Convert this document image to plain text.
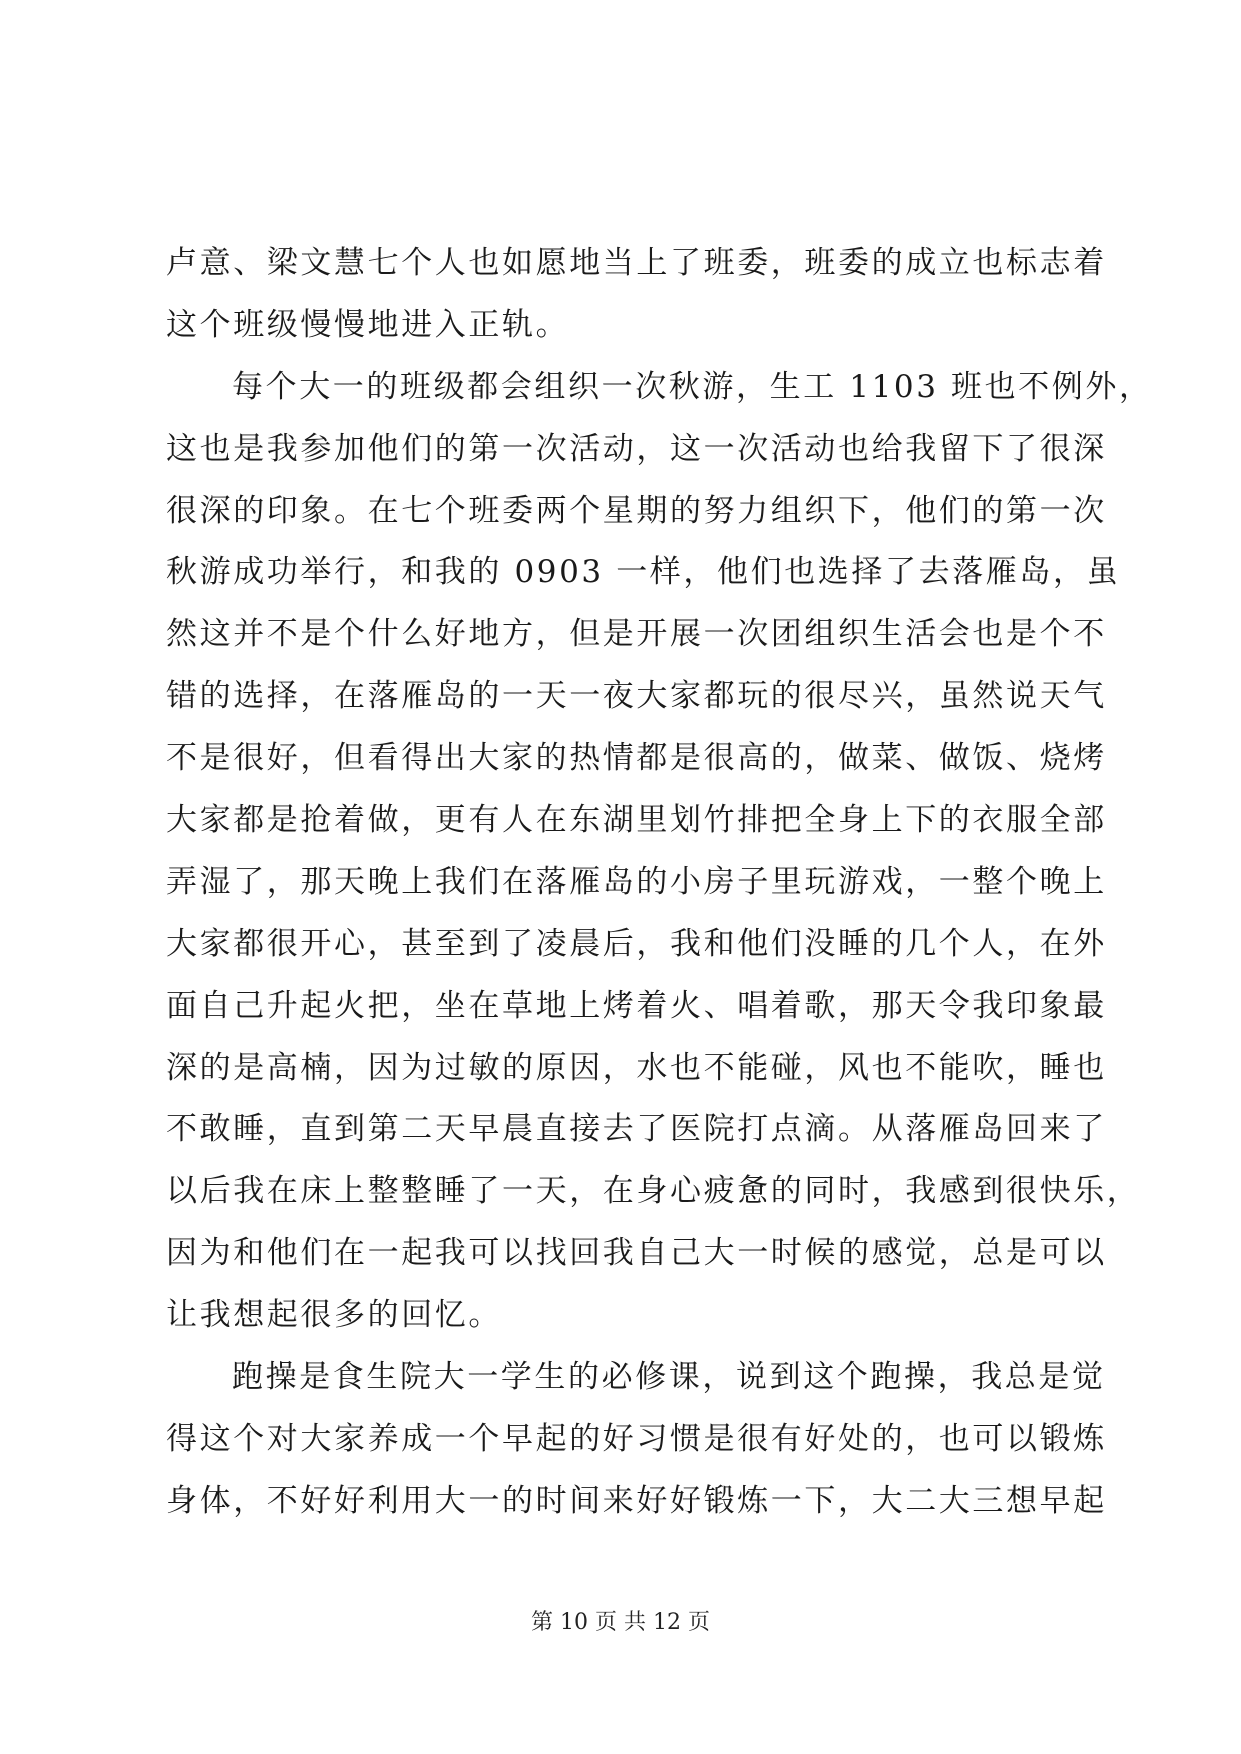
卢意、梁文慧七个人也如愿地当上了班委，班委的成立也标志着
这个班级慢慢地进入正轨。
每个大一的班级都会组织一次秋游，生工 1103 班也不例外，
这也是我参加他们的第一次活动，这一次活动也给我留下了很深
很深的印象。在七个班委两个星期的努力组织下，他们的第一次
秋游成功举行，和我的 0903 一样，他们也选择了去落雁岛，虽
然这并不是个什么好地方，但是开展一次团组织生活会也是个不
错的选择，在落雁岛的一天一夜大家都玩的很尽兴，虽然说天气
不是很好，但看得出大家的热情都是很高的，做菜、做饭、烧烤
大家都是抢着做，更有人在东湖里划竹排把全身上下的衣服全部
弄湿了，那天晚上我们在落雁岛的小房子里玩游戏，一整个晚上
大家都很开心，甚至到了凌晨后，我和他们没睡的几个人，在外
面自己升起火把，坐在草地上烤着火、唱着歌，那天令我印象最
深的是高楠，因为过敏的原因，水也不能碰，风也不能吹，睡也
不敢睡，直到第二天早晨直接去了医院打点滴。从落雁岛回来了
以后我在床上整整睡了一天，在身心疲惫的同时，我感到很快乐，
因为和他们在一起我可以找回我自己大一时候的感觉，总是可以
让我想起很多的回忆。
跑操是食生院大一学生的必修课，说到这个跑操，我总是觉
得这个对大家养成一个早起的好习惯是很有好处的，也可以锻炼
身体，不好好利用大一的时间来好好锻炼一下，大二大三想早起
第 10 页 共 12 页
